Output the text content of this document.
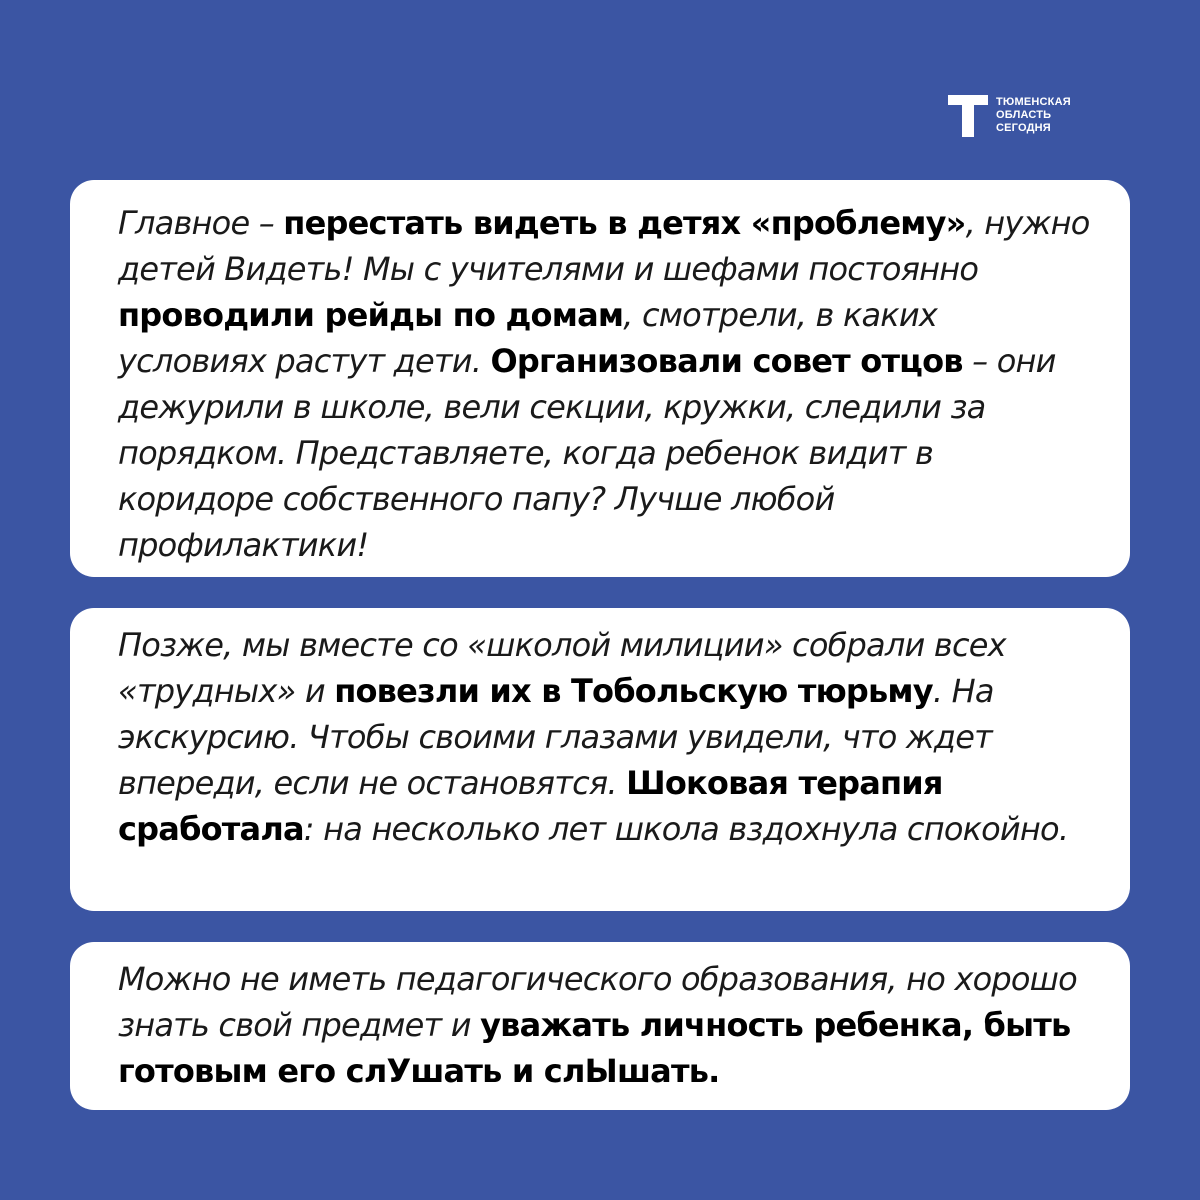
ТЮМЕНСКАЯ
ОБЛАСТЬ
СЕГОДНЯ

Главное – перестать видеть в детях «проблему», нужно детей Видеть! Мы с учителями и шефами постоянно проводили рейды по домам, смотрели, в каких условиях растут дети. Организовали совет отцов – они дежурили в школе, вели секции, кружки, следили за порядком. Представляете, когда ребенок видит в коридоре собственного папу? Лучше любой профилактики!

Позже, мы вместе со «школой милиции» собрали всех «трудных» и повезли их в Тобольскую тюрьму. На экскурсию. Чтобы своими глазами увидели, что ждет впереди, если не остановятся. Шоковая терапия сработала: на несколько лет школа вздохнула спокойно.

Можно не иметь педагогического образования, но хорошо знать свой предмет и уважать личность ребенка, быть готовым его слУшать и слЫшать.
